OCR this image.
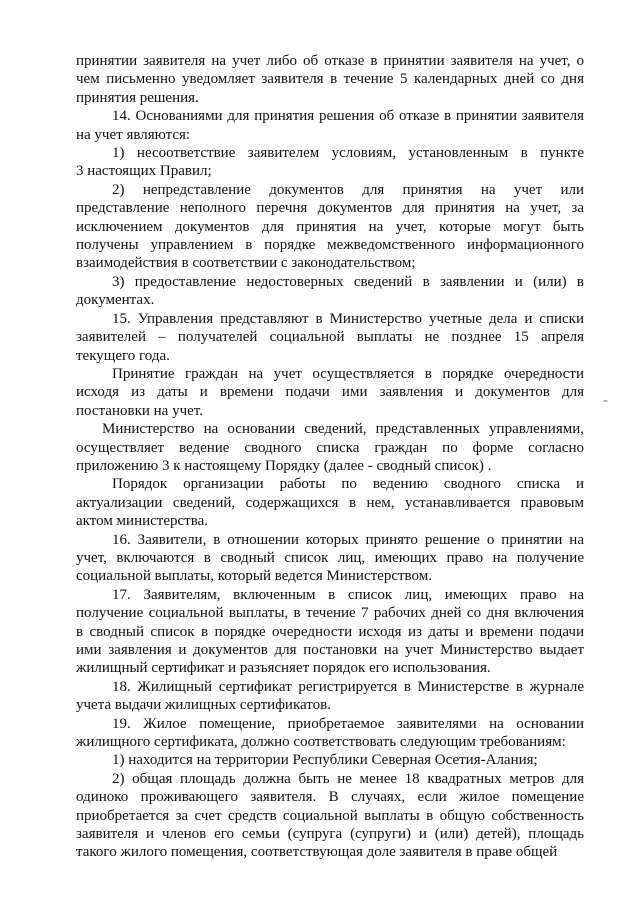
принятии заявителя на учет либо об отказе в принятии заявителя на учет, о
чем письменно уведомляет заявителя в течение 5 календарных дней со дня
принятия решения.

14. Основаниями для принятия решения об отказе в принятии заявителя
на учет являются:

1) несоответствие заявителем условиям, установленным в пункте
3 настоящих Правил;

2) непредставление документов для принятия на учет или
представление неполного перечня документов для принятия на учет, за
исключением документов для принятия на учет, которые могут быть
получены управлением в порядке межведомственного информационного
взаимодействия в соответствии с законодательством;

3) предоставление недостоверных сведений в заявлении и (или) в
документах.

15. Управления представляют в Министерство учетные дела и списки
заявителей – получателей социальной выплаты не позднее 15 апреля
текущего года.

Принятие граждан на учет осуществляется в порядке очередности
исходя из даты и времени подачи ими заявления и документов для
постановки на учет.

Министерство на основании сведений, представленных управлениями,
осуществляет ведение сводного списка граждан по форме согласно
приложению 3 к настоящему Порядку (далее - сводный список) .

Порядок организации работы по ведению сводного списка и
актуализации сведений, содержащихся в нем, устанавливается правовым
актом министерства.

16. Заявители, в отношении которых принято решение о принятии на
учет, включаются в сводный список лиц, имеющих право на получение
социальной выплаты, который ведется Министерством.

17. Заявителям, включенным в список лиц, имеющих право на
получение социальной выплаты, в течение 7 рабочих дней со дня включения
в сводный список в порядке очередности исходя из даты и времени подачи
ими заявления и документов для постановки на учет Министерство выдает
жилищный сертификат и разъясняет порядок его использования.

18. Жилищный сертификат регистрируется в Министерстве в журнале
учета выдачи жилищных сертификатов.

19. Жилое помещение, приобретаемое заявителями на основании
жилищного сертификата, должно соответствовать следующим требованиям:

1) находится на территории Республики Северная Осетия-Алания;

2) общая площадь должна быть не менее 18 квадратных метров для
одиноко проживающего заявителя. В случаях, если жилое помещение
приобретается за счет средств социальной выплаты в общую собственность
заявителя и членов его семьи (супруга (супруги) и (или) детей), площадь
такого жилого помещения, соответствующая доле заявителя в праве общей

-
